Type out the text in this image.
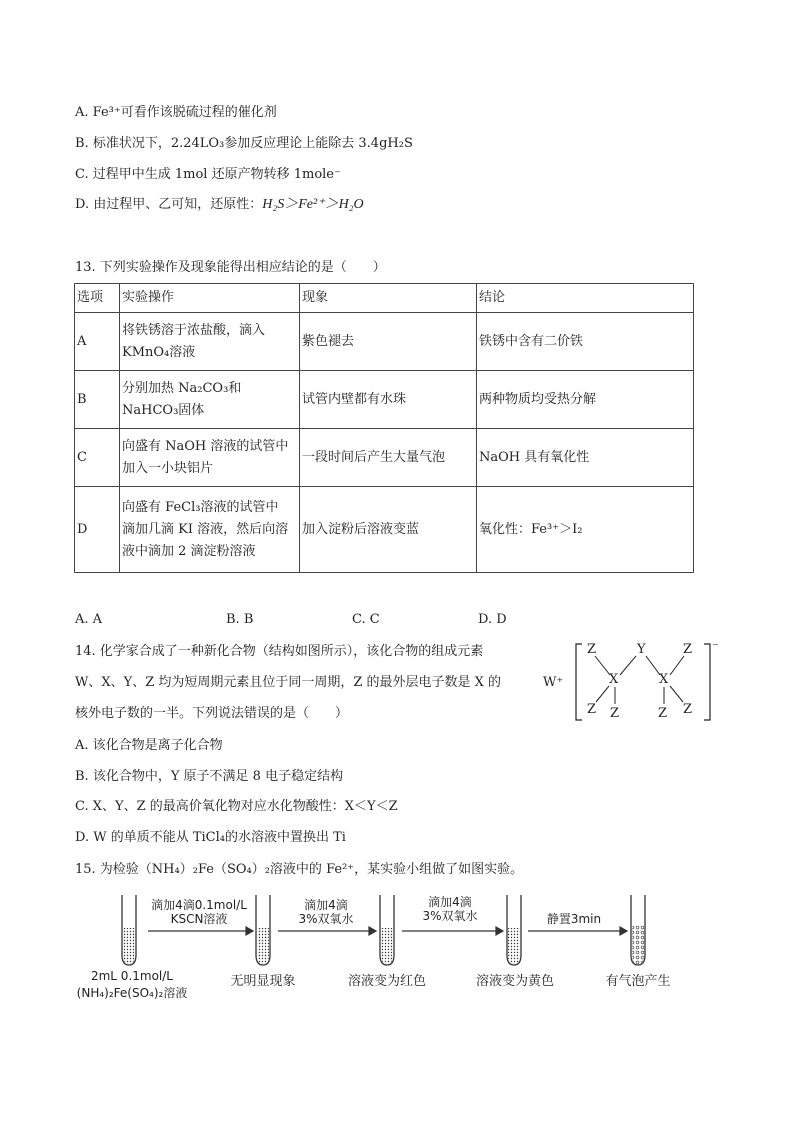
A. Fe³⁺可看作该脱硫过程的催化剂
B. 标准状况下，2.24LO₃参加反应理论上能除去 3.4gH₂S
C. 过程甲中生成 1mol 还原产物转移 1mole⁻
D. 由过程甲、乙可知，还原性：H₂S＞Fe²⁺＞H₂O
13. 下列实验操作及现象能得出相应结论的是（　　）
选项	实验操作	现象	结论
A	将铁锈溶于浓盐酸，滴入
KMnO₄溶液	紫色褪去	铁锈中含有二价铁
B	分别加热 Na₂CO₃和
NaHCO₃固体	试管内壁都有水珠	两种物质均受热分解
C	向盛有 NaOH 溶液的试管中
加入一小块铝片	一段时间后产生大量气泡	NaOH 具有氧化性
D	向盛有 FeCl₃溶液的试管中
滴加几滴 KI 溶液，然后向溶
液中滴加 2 滴淀粉溶液	加入淀粉后溶液变蓝	氧化性：Fe³⁺＞I₂
A. A	B. B	C. C	D. D
14. 化学家合成了一种新化合物（结构如图所示），该化合物的组成元素
W、X、Y、Z 均为短周期元素且位于同一周期，Z 的最外层电子数是 X 的
核外电子数的一半。下列说法错误的是（　　）
A. 该化合物是离子化合物
B. 该化合物中，Y 原子不满足 8 电子稳定结构
C. X、Y、Z 的最高价氧化物对应水化物酸性：X＜Y＜Z
D. W 的单质不能从 TiCl₄的水溶液中置换出 Ti
W⁺
⁻
Z	Y	Z
X	X
Z Z	Z Z
15. 为检验（NH₄）₂Fe（SO₄）₂溶液中的 Fe²⁺，某实验小组做了如图实验。
滴加4滴0.1mol/L
KSCN溶液
滴加4滴
3%双氧水
滴加4滴
3%双氧水	静置3min
2mL 0.1mol/L
(NH₄)₂Fe(SO₄)₂溶液
无明显现象	溶液变为红色	溶液变为黄色	有气泡产生
